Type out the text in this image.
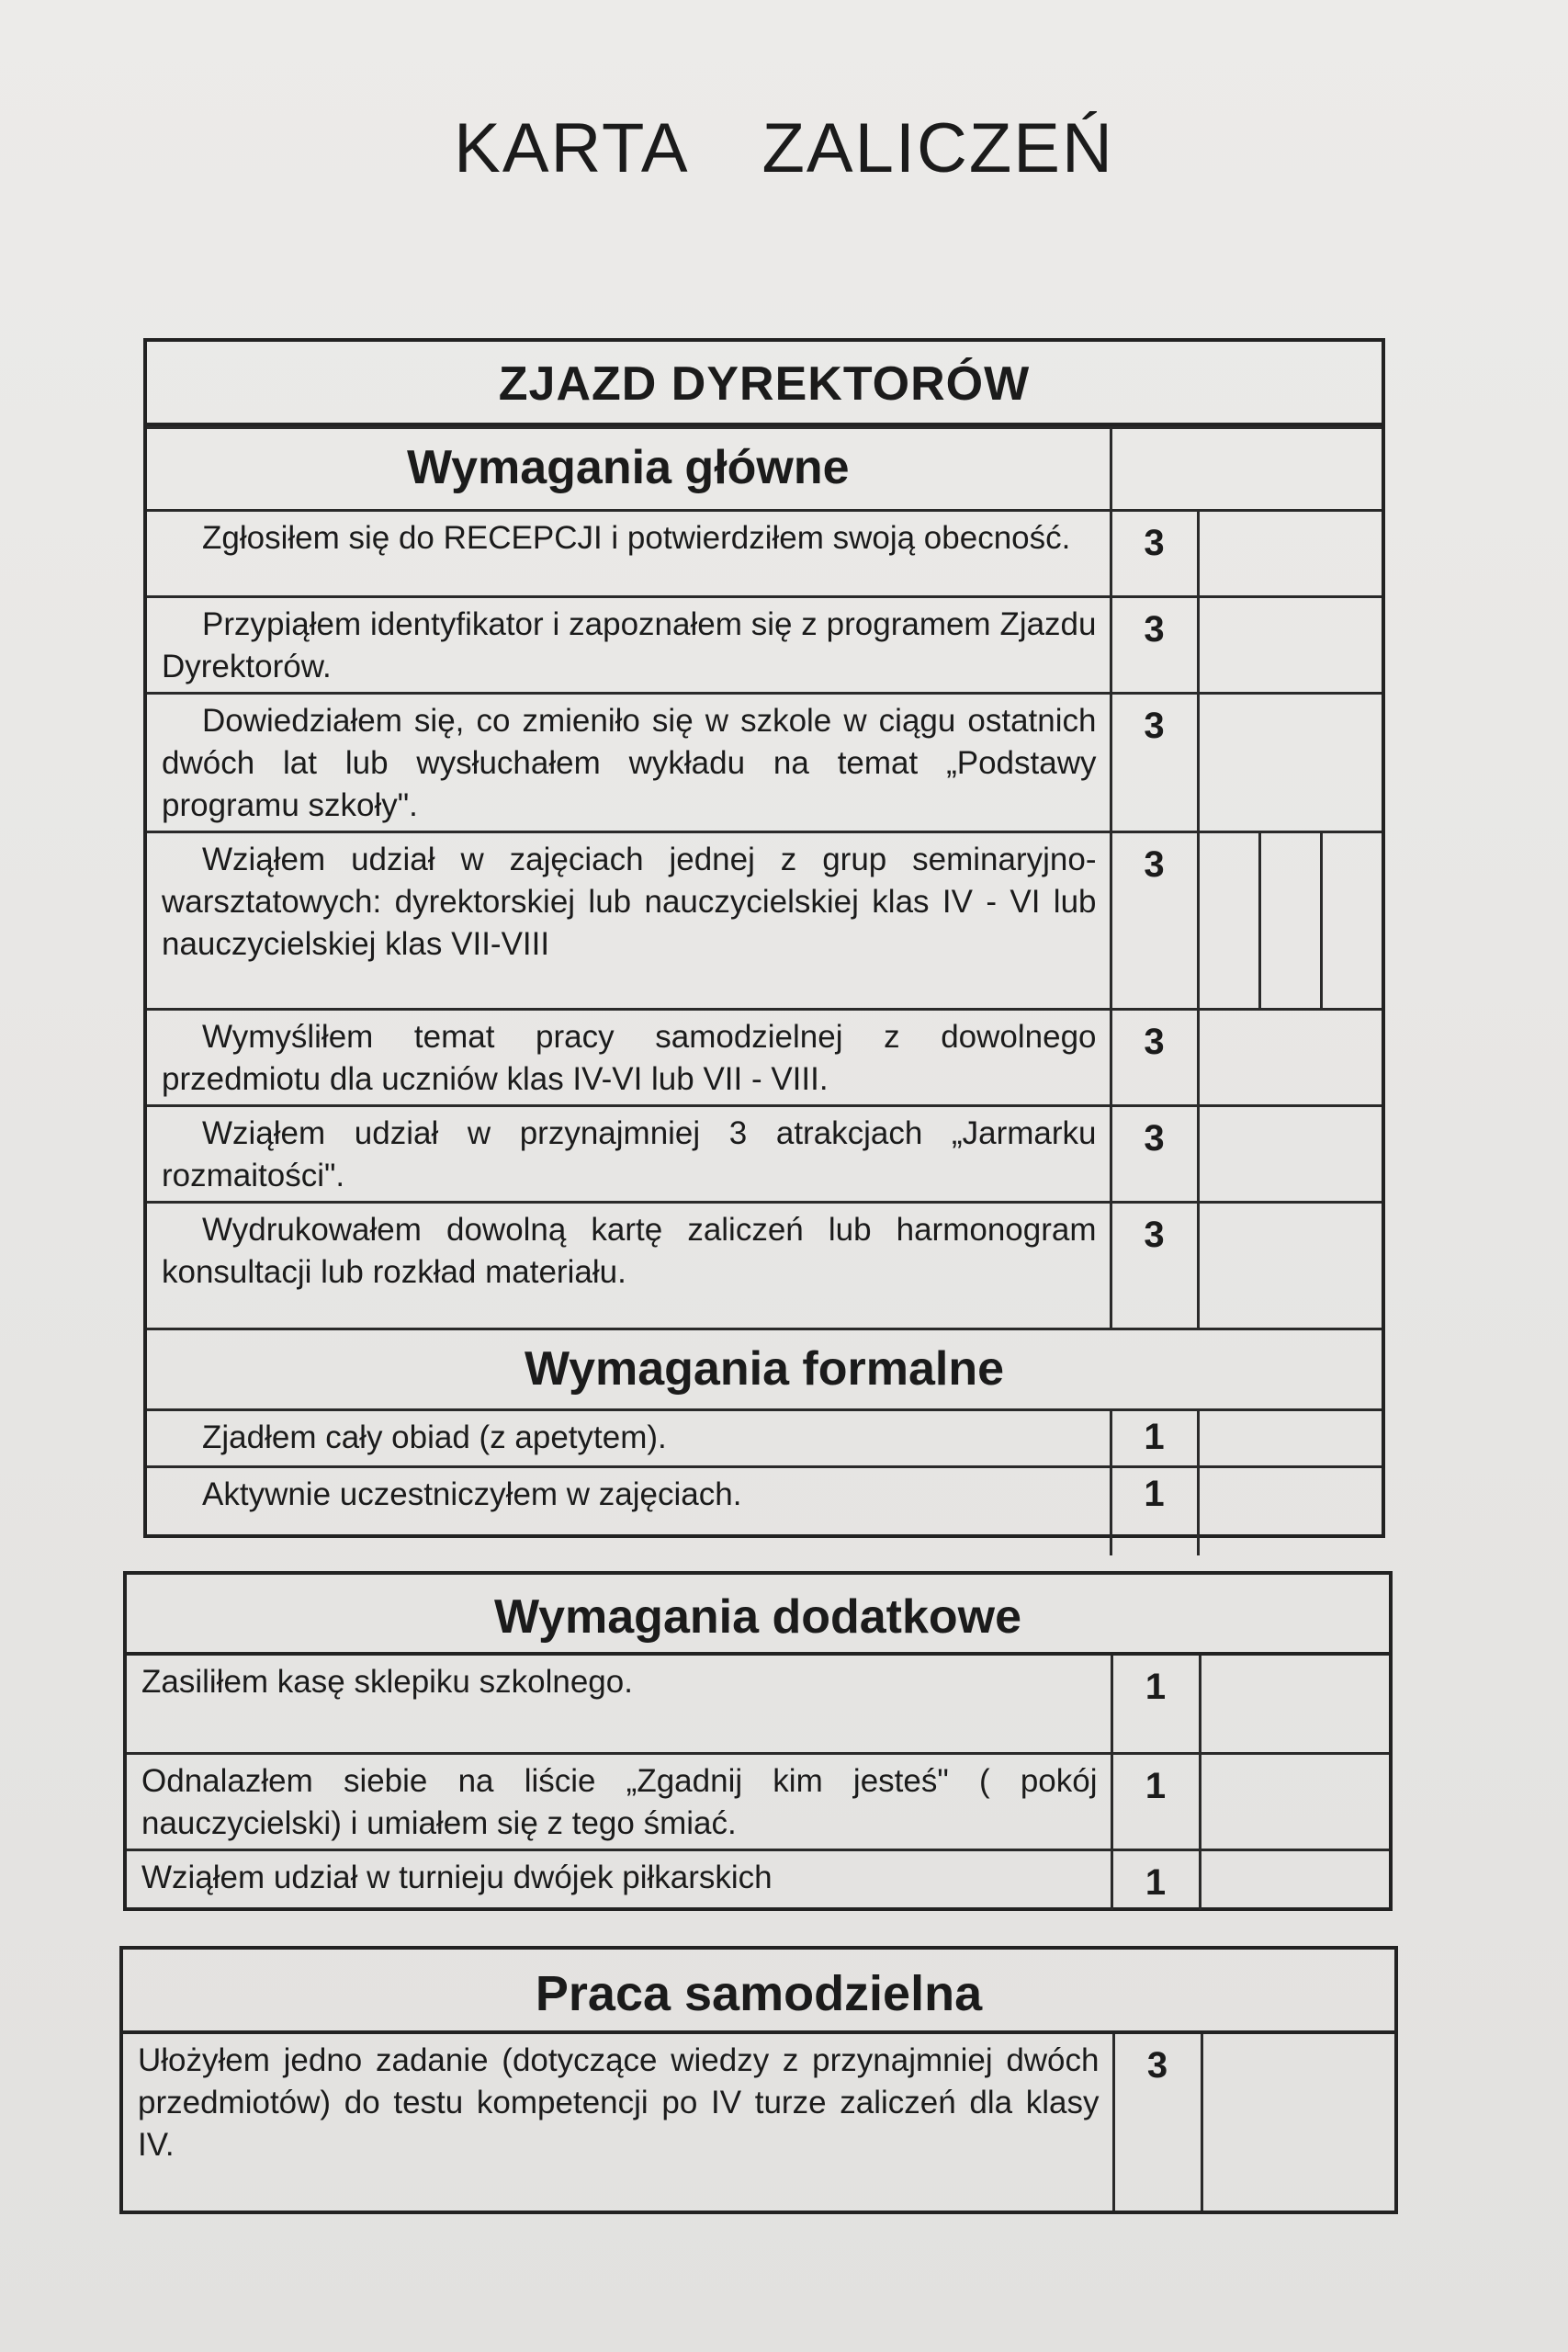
KARTA ZALICZEŃ
ZJAZD DYREKTORÓW
Wymagania główne		
Zgłosiłem się do RECEPCJI i potwierdziłem swoją obecność.	3	
Przypiąłem identyfikator i zapoznałem się z programem Zjazdu Dyrektorów.	3	
Dowiedziałem się, co zmieniło się w szkole w ciągu ostatnich dwóch lat lub wysłuchałem wykładu na temat „Podstawy programu szkoły".	3	
Wziąłem udział w zajęciach jednej z grup seminaryjno-warsztatowych: dyrektorskiej lub nauczycielskiej klas IV - VI lub nauczycielskiej klas VII-VIII	3	

Wymyśliłem temat pracy samodzielnej z dowolnego przedmiotu dla uczniów klas IV-VI lub VII - VIII.	3	
Wziąłem udział w przynajmniej 3 atrakcjach „Jarmarku rozmaitości".	3	
Wydrukowałem dowolną kartę zaliczeń lub harmonogram konsultacji lub rozkład materiału.	3	
Wymagania formalne		
Zjadłem cały obiad (z apetytem).	1	
Aktywnie uczestniczyłem w zajęciach.	1	
Wymagania dodatkowe
Zasiliłem kasę sklepiku szkolnego.	1	
Odnalazłem siebie na liście „Zgadnij kim jesteś" ( pokój nauczycielski) i umiałem się z tego śmiać.	1	
Wziąłem udział w turnieju dwójek piłkarskich	1	
Praca samodzielna
Ułożyłem jedno zadanie (dotyczące wiedzy z przynajmniej dwóch przedmiotów) do testu kompetencji po IV turze zaliczeń dla klasy IV.	3	
